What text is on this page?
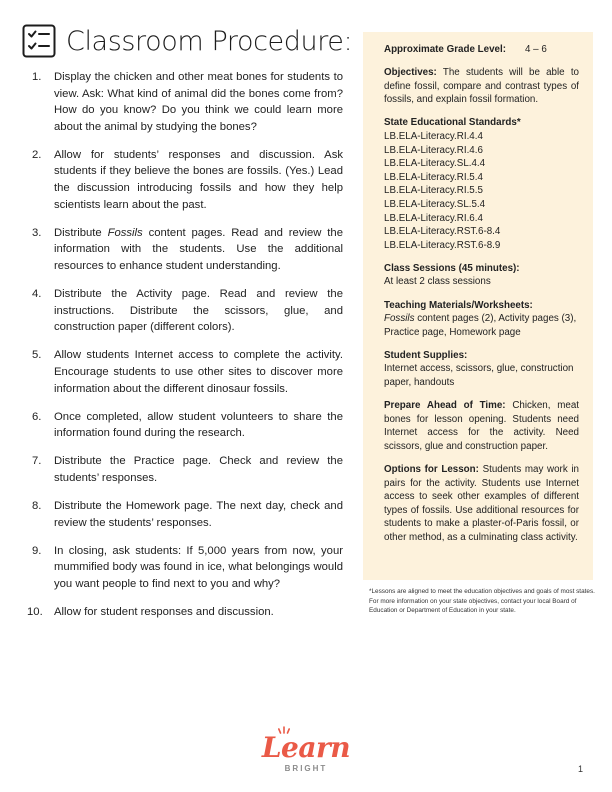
Classroom Procedure:
1. Display the chicken and other meat bones for students to view. Ask: What kind of animal did the bones come from? How do you know? Do you think we could learn more about the animal by studying the bones?
2. Allow for students’ responses and discussion. Ask students if they believe the bones are fossils. (Yes.) Lead the discussion introducing fossils and how they help scientists learn about the past.
3. Distribute Fossils content pages. Read and review the information with the students. Use the additional resources to enhance student understanding.
4. Distribute the Activity page. Read and review the instructions. Distribute the scissors, glue, and construction paper (different colors).
5. Allow students Internet access to complete the activity. Encourage students to use other sites to discover more information about the different dinosaur fossils.
6. Once completed, allow student volunteers to share the information found during the research.
7. Distribute the Practice page. Check and review the students’ responses.
8. Distribute the Homework page. The next day, check and review the students’ responses.
9. In closing, ask students: If 5,000 years from now, your mummified body was found in ice, what belongings would you want people to find next to you and why?
10. Allow for student responses and discussion.
Approximate Grade Level:	4 – 6
Objectives: The students will be able to define fossil, compare and contrast types of fossils, and explain fossil formation.
State Educational Standards*
LB.ELA-Literacy.RI.4.4
LB.ELA-Literacy.RI.4.6
LB.ELA-Literacy.SL.4.4
LB.ELA-Literacy.RI.5.4
LB.ELA-Literacy.RI.5.5
LB.ELA-Literacy.SL.5.4
LB.ELA-Literacy.RI.6.4
LB.ELA-Literacy.RST.6-8.4
LB.ELA-Literacy.RST.6-8.9
Class Sessions (45 minutes):
At least 2 class sessions
Teaching Materials/Worksheets:
Fossils content pages (2), Activity pages (3), Practice page, Homework page
Student Supplies:
Internet access, scissors, glue, construction paper, handouts
Prepare Ahead of Time: Chicken, meat bones for lesson opening. Students need Internet access for the activity. Need scissors, glue and construction paper.
Options for Lesson: Students may work in pairs for the activity. Students use Internet access to seek other examples of different types of fossils. Use additional resources for students to make a plaster-of-Paris fossil, or other method, as a culminating class activity.

*Lessons are aligned to meet the education objectives and goals of most states. For more information on your state objectives, contact your local Board of Education or Department of Education in your state.

Learn
BRIGHT	1
